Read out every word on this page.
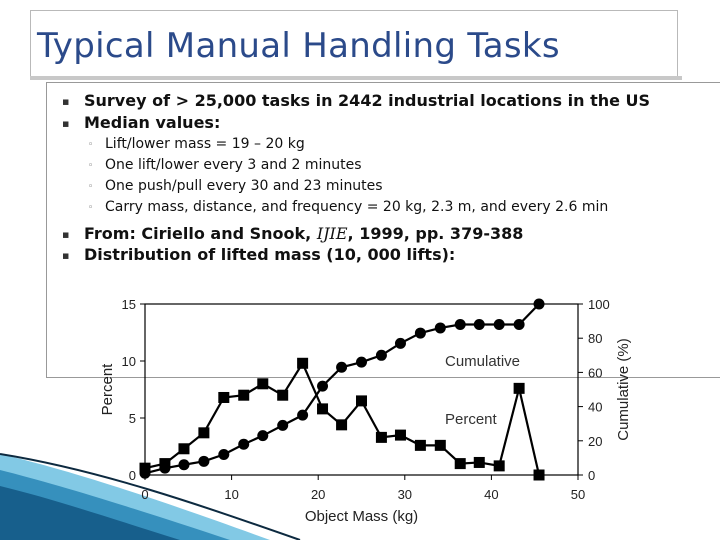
Typical Manual Handling Tasks
▪ Survey of > 25,000 tasks in 2442 industrial locations in the US
▪ Median values:
◦ Lift/lower mass = 19 – 20 kg
◦ One lift/lower every 3 and 2 minutes
◦ One push/pull every 30 and 23 minutes
◦ Carry mass, distance, and frequency = 20 kg, 2.3 m, and every 2.6 min
▪ From: Ciriello and Snook, IJIE, 1999, pp. 379-388
▪ Distribution of lifted mass (10, 000 lifts):
0	10	20	30	40	50
0
5
10
15
0
20
40
60
80
100
Object Mass (kg)
Percent	Cumulative (%)
Cumulative
Percent
